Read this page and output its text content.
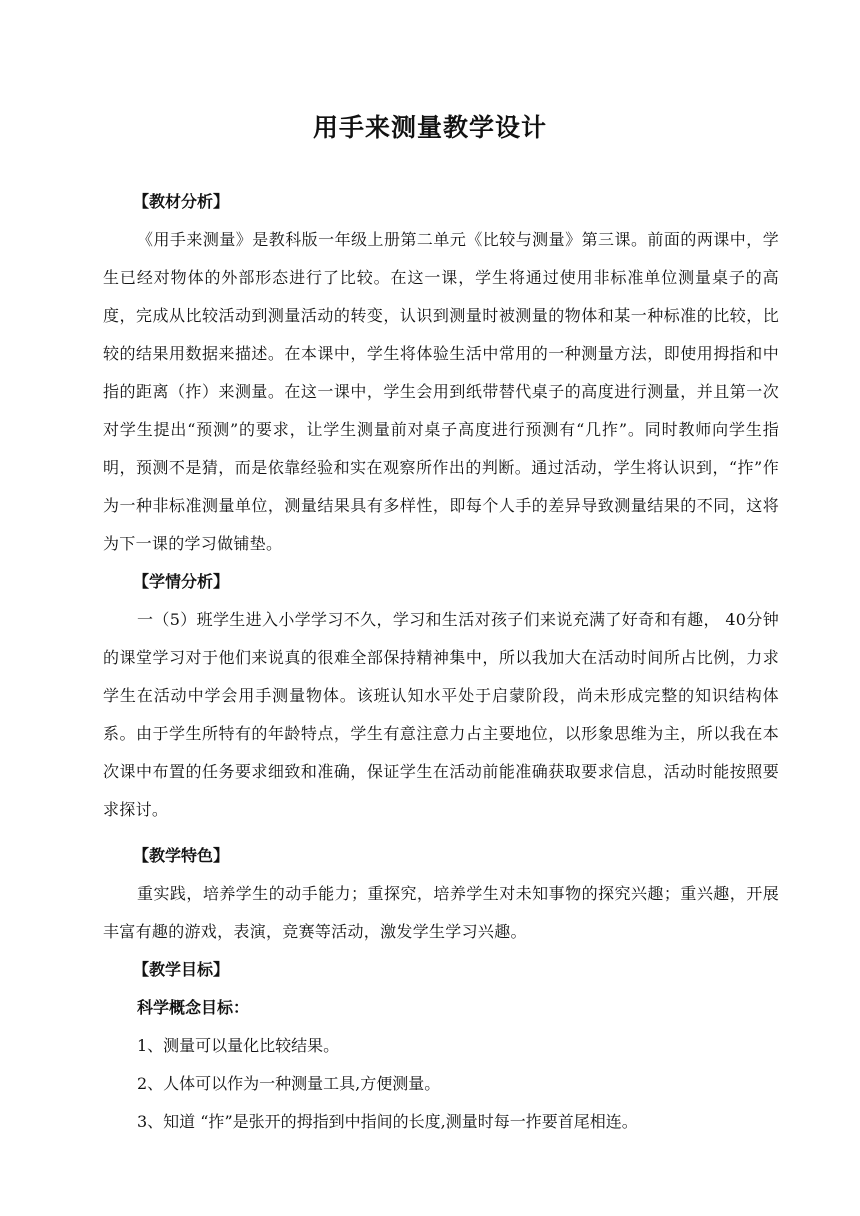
用手来测量教学设计
【教材分析】

《用手来测量》是教科版一年级上册第二单元《比较与测量》第三课。前面的两课中，学生已经对物体的外部形态进行了比较。在这一课，学生将通过使用非标准单位测量桌子的高度，完成从比较活动到测量活动的转变，认识到测量时被测量的物体和某一种标准的比较，比较的结果用数据来描述。在本课中，学生将体验生活中常用的一种测量方法，即使用拇指和中指的距离（拃）来测量。在这一课中，学生会用到纸带替代桌子的高度进行测量，并且第一次对学生提出“预测”的要求，让学生测量前对桌子高度进行预测有“几拃”。同时教师向学生指明，预测不是猜，而是依靠经验和实在观察所作出的判断。通过活动，学生将认识到，“拃”作为一种非标准测量单位，测量结果具有多样性，即每个人手的差异导致测量结果的不同，这将为下一课的学习做铺垫。

【学情分析】

一（5）班学生进入小学学习不久，学习和生活对孩子们来说充满了好奇和有趣， 40分钟的课堂学习对于他们来说真的很难全部保持精神集中，所以我加大在活动时间所占比例，力求学生在活动中学会用手测量物体。该班认知水平处于启蒙阶段，尚未形成完整的知识结构体系。由于学生所特有的年龄特点，学生有意注意力占主要地位，以形象思维为主，所以我在本次课中布置的任务要求细致和准确，保证学生在活动前能准确获取要求信息，活动时能按照要求探讨。

【教学特色】

重实践，培养学生的动手能力；重探究，培养学生对未知事物的探究兴趣；重兴趣，开展丰富有趣的游戏，表演，竞赛等活动，激发学生学习兴趣。

【教学目标】
科学概念目标：
1、测量可以量化比较结果。
2、人体可以作为一种测量工具,方便测量。
3、知道 “拃”是张开的拇指到中指间的长度,测量时每一拃要首尾相连。
